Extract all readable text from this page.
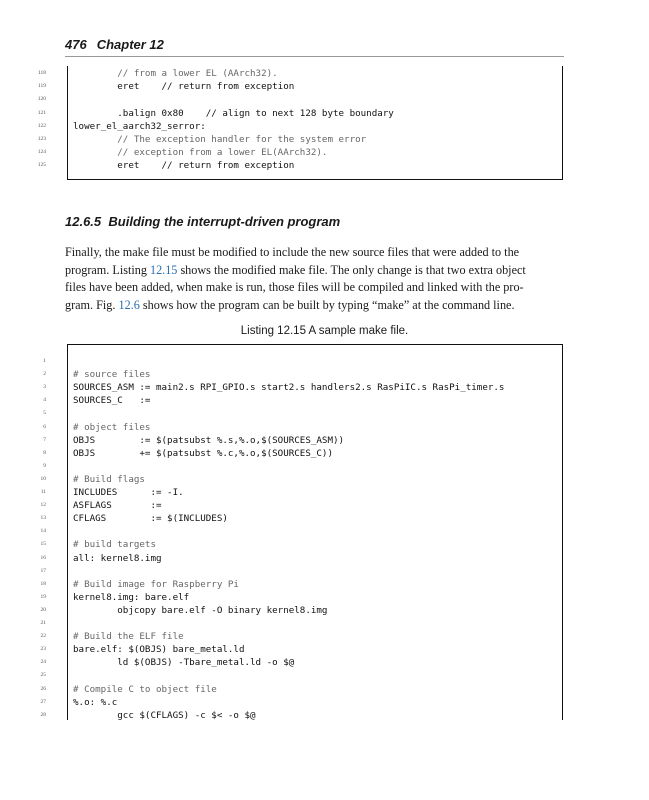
476 Chapter 12
118	// from a lower EL (AArch32).
119	eret    // return from exception
120
121	.balign 0x80    // align to next 128 byte boundary
122	lower_el_aarch32_serror:
123	// The exception handler for the system error
124	// exception from a lower EL(AArch32).
125	eret    // return from exception
12.6.5 Building the interrupt-driven program
Finally, the make file must be modified to include the new source files that were added to the
program. Listing 12.15 shows the modified make file. The only change is that two extra object
files have been added, when make is run, those files will be compiled and linked with the pro-
gram. Fig. 12.6 shows how the program can be built by typing “make” at the command line.
Listing 12.15 A sample make file.
1
2	# source files
3	SOURCES_ASM := main2.s RPI_GPIO.s start2.s handlers2.s RasPiIC.s RasPi_timer.s
4	SOURCES_C   :=
5
6	# object files
7	OBJS        := $(patsubst %.s,%.o,$(SOURCES_ASM))
8	OBJS        += $(patsubst %.c,%.o,$(SOURCES_C))
9
10	# Build flags
11	INCLUDES      := -I.
12	ASFLAGS       :=
13	CFLAGS        := $(INCLUDES)
14
15	# build targets
16	all: kernel8.img
17
18	# Build image for Raspberry Pi
19	kernel8.img: bare.elf
20	objcopy bare.elf -O binary kernel8.img
21
22	# Build the ELF file
23	bare.elf: $(OBJS) bare_metal.ld
24	ld $(OBJS) -Tbare_metal.ld -o $@
25
26	# Compile C to object file
27	%.o: %.c
28	gcc $(CFLAGS) -c $< -o $@
